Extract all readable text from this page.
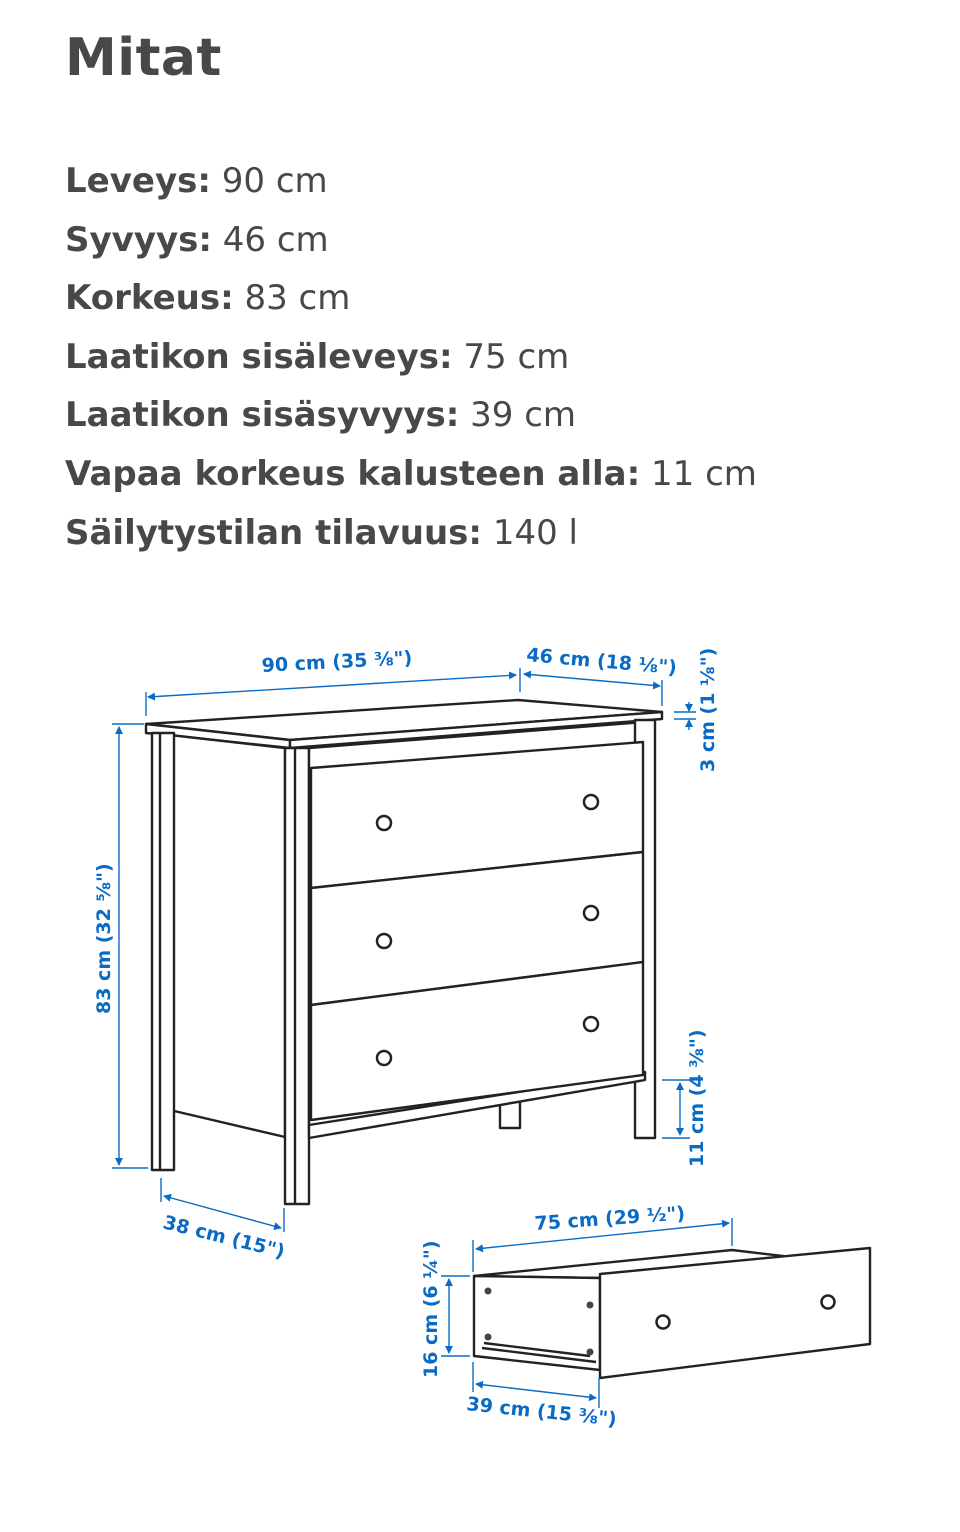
Mitat
Leveys: 90 cm
Syvyys: 46 cm
Korkeus: 83 cm
Laatikon sisäleveys: 75 cm
Laatikon sisäsyvyys: 39 cm
Vapaa korkeus kalusteen alla: 11 cm
Säilytystilan tilavuus: 140 l
90 cm (35 ⅜")	46 cm (18 ⅛") 3 cm (1 ⅛")
83 cm (32 ⅝")
11 cm (4 ⅜")
38 cm (15")	75 cm (29 ½")
16 cm (6 ¼")
39 cm (15 ⅜")
